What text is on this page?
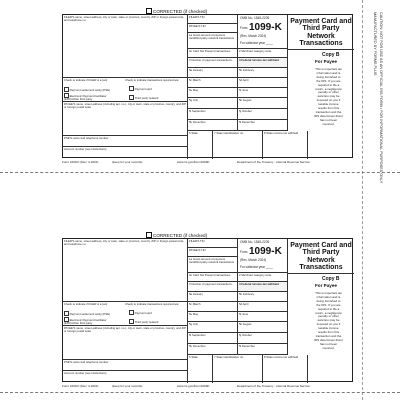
CAUTION: NOT FOR USE AS AN OFFICIAL IRS FORM • FOR INFORMATIONAL PURPOSES ONLY
MANUFACTURED BY FORMS PLUS
CORRECTED (if checked)
FILER'S name, street address, city or town, state or province, country, ZIP or foreign postal code, and telephone no.
Check to indicate if FILER is a (an):	Check to indicate transactions reported are:
Payment settlement entity (PSE)
Electronic Payment Facilitator (EPF)/Other third party
Payment card
Third party network
PAYEE'S name, street address (including apt. no.), city or town, state or province, country, and ZIP or foreign postal code
PSE'S name and telephone number
Account number (see instructions)
FILER'S TIN
PAYEE'S TIN
1a Gross amount of payment card/third party network transactions
1b Card Not Present transactions	2 Merchant category code
3 Number of payment transactions	4 Federal income tax withheld
5a January	5b February
5c March	5d April
5e May	5f June
5g July	5h August
5i September	5j October
5k November	5l December
6 State	7 State identification no.	8 State income tax withheld
OMB No. 1545-2205
Form 1099-K
(Rev. March 2024)
For calendar year ____
Payment Card and
Third Party
Network
Transactions
Copy B
For Payee
This is important tax
information and is
being furnished to
the IRS. If you are
required to file a
return, a negligence
penalty or other
sanction may be
imposed on you if
taxable income
results from this
transaction and the
IRS determines that it
has not been
reported.
Form 1099-K (Rev. 3-2024)	(keep for your records)	www.irs.gov/Form1099K	Department of the Treasury - Internal Revenue Service
CORRECTED (if checked)
FILER'S name, street address, city or town, state or province, country, ZIP or foreign postal code, and telephone no.
Check to indicate if FILER is a (an):	Check to indicate transactions reported are:
Payment settlement entity (PSE)
Electronic Payment Facilitator (EPF)/Other third party
Payment card
Third party network
PAYEE'S name, street address (including apt. no.), city or town, state or province, country, and ZIP or foreign postal code
PSE'S name and telephone number
Account number (see instructions)
FILER'S TIN
PAYEE'S TIN
1a Gross amount of payment card/third party network transactions
1b Card Not Present transactions	2 Merchant category code
3 Number of payment transactions	4 Federal income tax withheld
5a January	5b February
5c March	5d April
5e May	5f June
5g July	5h August
5i September	5j October
5k November	5l December
6 State	7 State identification no.	8 State income tax withheld
OMB No. 1545-2205
Form 1099-K
(Rev. March 2024)
For calendar year ____
Payment Card and
Third Party
Network
Transactions
Copy B
For Payee
This is important tax
information and is
being furnished to
the IRS. If you are
required to file a
return, a negligence
penalty or other
sanction may be
imposed on you if
taxable income
results from this
transaction and the
IRS determines that it
has not been
reported.
Form 1099-K (Rev. 3-2024)	(keep for your records)	www.irs.gov/Form1099K	Department of the Treasury - Internal Revenue Service
